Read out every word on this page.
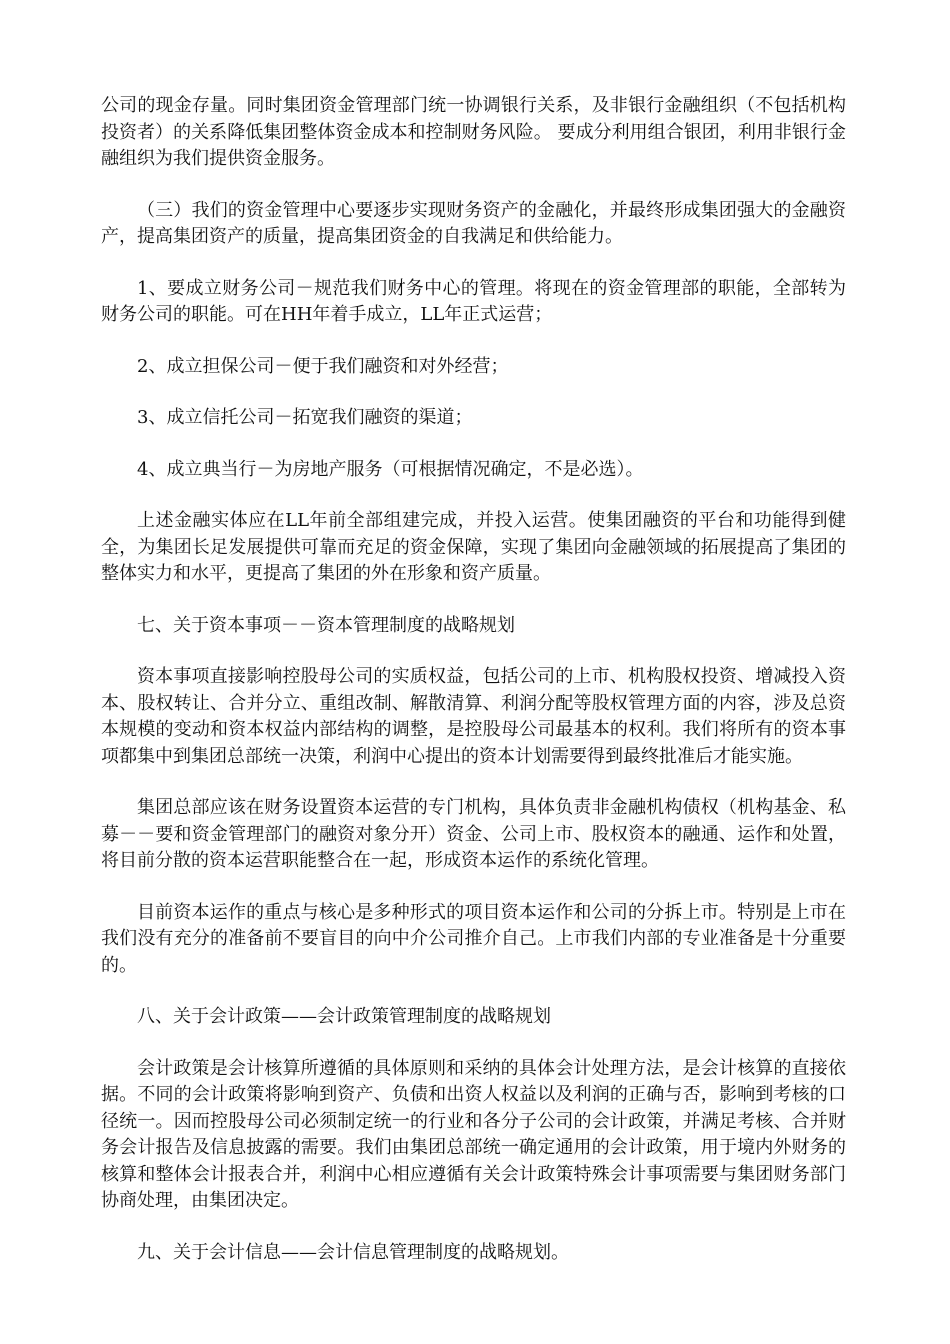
公司的现金存量。同时集团资金管理部门统一协调银行关系，及非银行金融组织（不包括机构投资者）的关系降低集团整体资金成本和控制财务风险。 要成分利用组合银团，利用非银行金融组织为我们提供资金服务。

（三）我们的资金管理中心要逐步实现财务资产的金融化，并最终形成集团强大的金融资产，提高集团资产的质量，提高集团资金的自我满足和供给能力。

1、要成立财务公司－规范我们财务中心的管理。将现在的资金管理部的职能，全部转为财务公司的职能。可在HH年着手成立，LL年正式运营；

2、成立担保公司－便于我们融资和对外经营；

3、成立信托公司－拓宽我们融资的渠道；

4、成立典当行－为房地产服务（可根据情况确定，不是必选）。

上述金融实体应在LL年前全部组建完成，并投入运营。使集团融资的平台和功能得到健全，为集团长足发展提供可靠而充足的资金保障，实现了集团向金融领域的拓展提高了集团的整体实力和水平，更提高了集团的外在形象和资产质量。

七、关于资本事项－－资本管理制度的战略规划

资本事项直接影响控股母公司的实质权益，包括公司的上市、机构股权投资、增减投入资本、股权转让、合并分立、重组改制、解散清算、利润分配等股权管理方面的内容，涉及总资本规模的变动和资本权益内部结构的调整，是控股母公司最基本的权利。我们将所有的资本事项都集中到集团总部统一决策，利润中心提出的资本计划需要得到最终批准后才能实施。

集团总部应该在财务设置资本运营的专门机构，具体负责非金融机构债权（机构基金、私募－－要和资金管理部门的融资对象分开）资金、公司上市、股权资本的融通、运作和处置，将目前分散的资本运营职能整合在一起，形成资本运作的系统化管理。

目前资本运作的重点与核心是多种形式的项目资本运作和公司的分拆上市。特别是上市在我们没有充分的准备前不要盲目的向中介公司推介自己。上市我们内部的专业准备是十分重要的。

八、关于会计政策——会计政策管理制度的战略规划

会计政策是会计核算所遵循的具体原则和采纳的具体会计处理方法，是会计核算的直接依据。不同的会计政策将影响到资产、负债和出资人权益以及利润的正确与否，影响到考核的口径统一。因而控股母公司必须制定统一的行业和各分子公司的会计政策，并满足考核、合并财务会计报告及信息披露的需要。我们由集团总部统一确定通用的会计政策，用于境内外财务的核算和整体会计报表合并，利润中心相应遵循有关会计政策特殊会计事项需要与集团财务部门协商处理，由集团决定。

九、关于会计信息——会计信息管理制度的战略规划。
